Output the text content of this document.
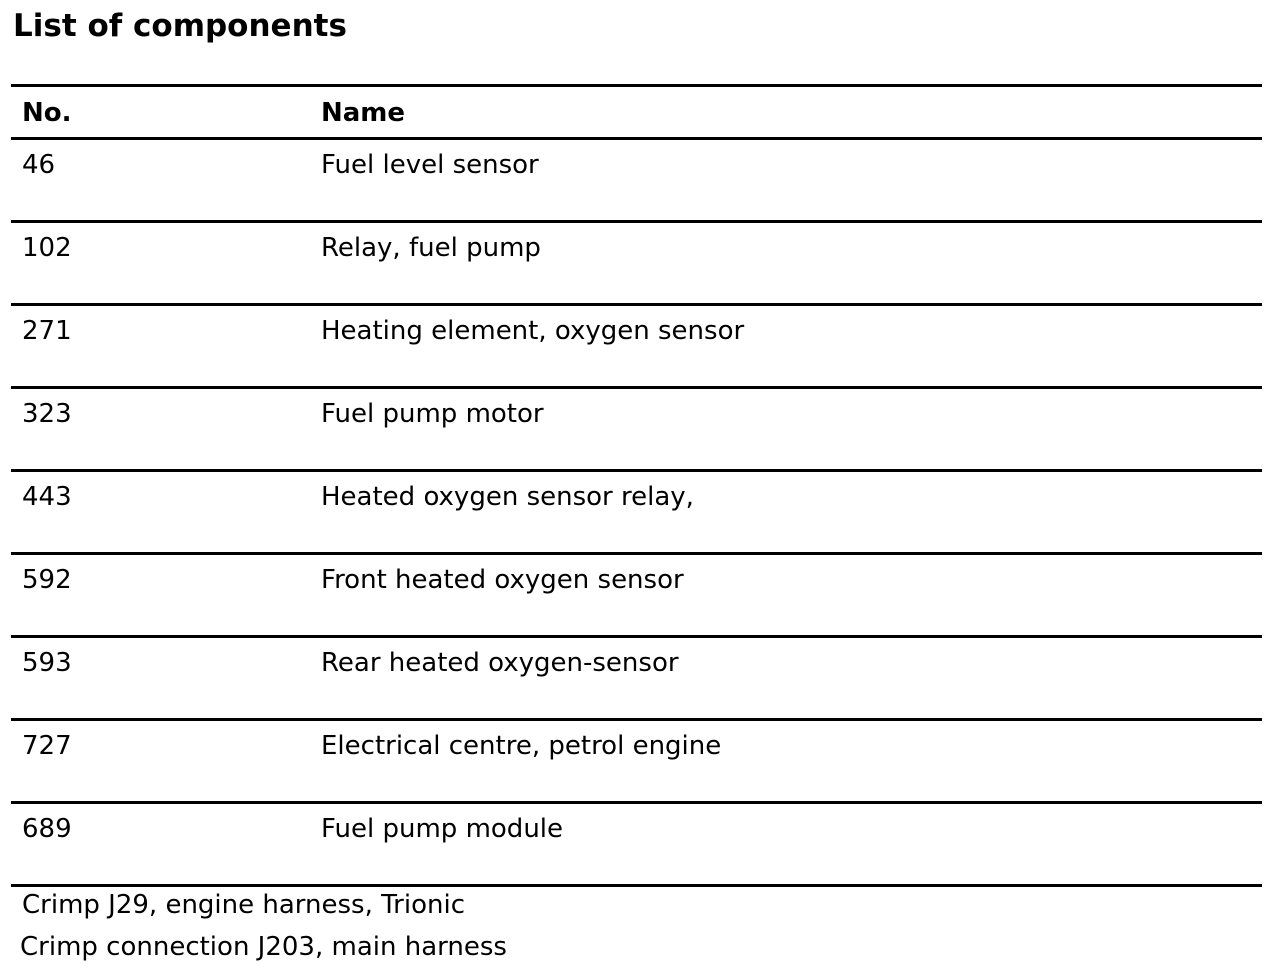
List of components
No.	Name
46	Fuel level sensor
102	Relay, fuel pump
271	Heating element, oxygen sensor
323	Fuel pump motor
443	Heated oxygen sensor relay,
592	Front heated oxygen sensor
593	Rear heated oxygen-sensor
727	Electrical centre, petrol engine
689	Fuel pump module
Crimp J29, engine harness, Trionic
Crimp connection J203, main harness
